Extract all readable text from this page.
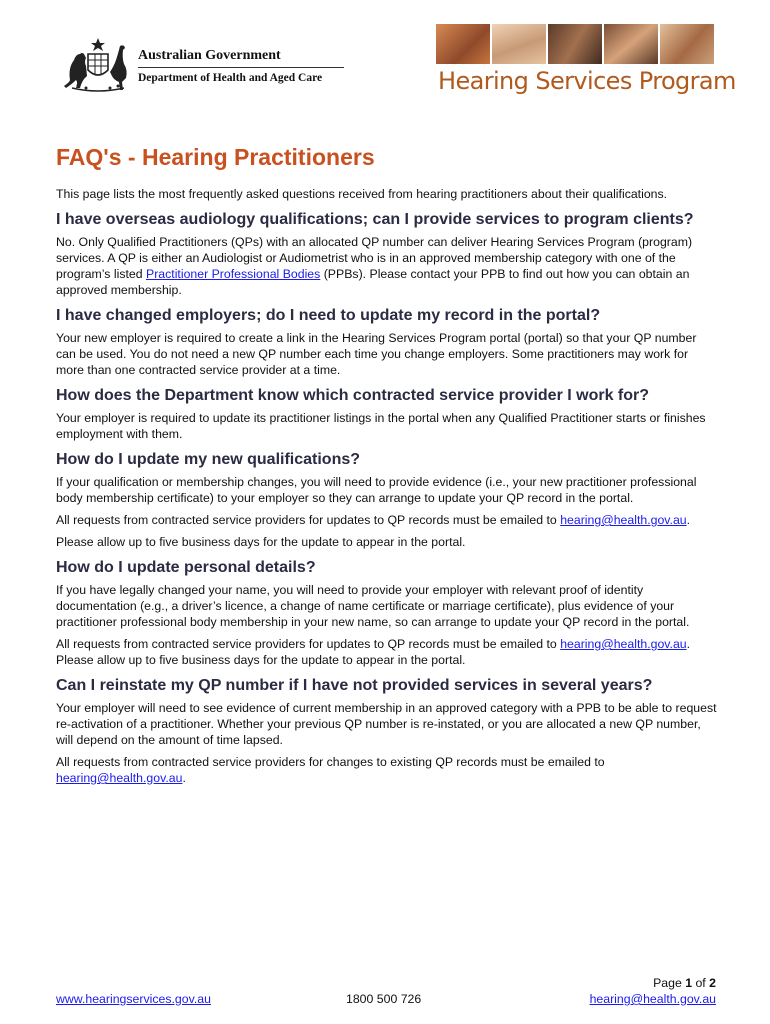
Australian Government
Department of Health and Aged Care	Hearing Services Program
FAQ's - Hearing Practitioners

This page lists the most frequently asked questions received from hearing practitioners about their qualifications.

I have overseas audiology qualifications; can I provide services to program clients?

No. Only Qualified Practitioners (QPs) with an allocated QP number can deliver Hearing Services Program (program) services. A QP is either an Audiologist or Audiometrist who is in an approved membership category with one of the program’s listed Practitioner Professional Bodies (PPBs). Please contact your PPB to find out how you can obtain an approved membership.

I have changed employers; do I need to update my record in the portal?

Your new employer is required to create a link in the Hearing Services Program portal (portal) so that your QP number can be used. You do not need a new QP number each time you change employers. Some practitioners may work for more than one contracted service provider at a time.

How does the Department know which contracted service provider I work for?

Your employer is required to update its practitioner listings in the portal when any Qualified Practitioner starts or finishes employment with them.

How do I update my new qualifications?

If your qualification or membership changes, you will need to provide evidence (i.e., your new practitioner professional body membership certificate) to your employer so they can arrange to update your QP record in the portal.

All requests from contracted service providers for updates to QP records must be emailed to hearing@health.gov.au.

Please allow up to five business days for the update to appear in the portal.

How do I update personal details?

If you have legally changed your name, you will need to provide your employer with relevant proof of identity documentation (e.g., a driver’s licence, a change of name certificate or marriage certificate), plus evidence of your practitioner professional body membership in your new name, so can arrange to update your QP record in the portal.

All requests from contracted service providers for updates to QP records must be emailed to hearing@health.gov.au. Please allow up to five business days for the update to appear in the portal.

Can I reinstate my QP number if I have not provided services in several years?

Your employer will need to see evidence of current membership in an approved category with a PPB to be able to request re-activation of a practitioner. Whether your previous QP number is re-instated, or you are allocated a new QP number, will depend on the amount of time lapsed.

All requests from contracted service providers for changes to existing QP records must be emailed to hearing@health.gov.au.

Page 1 of 2
www.hearingservices.gov.au	1800 500 726	hearing@health.gov.au
